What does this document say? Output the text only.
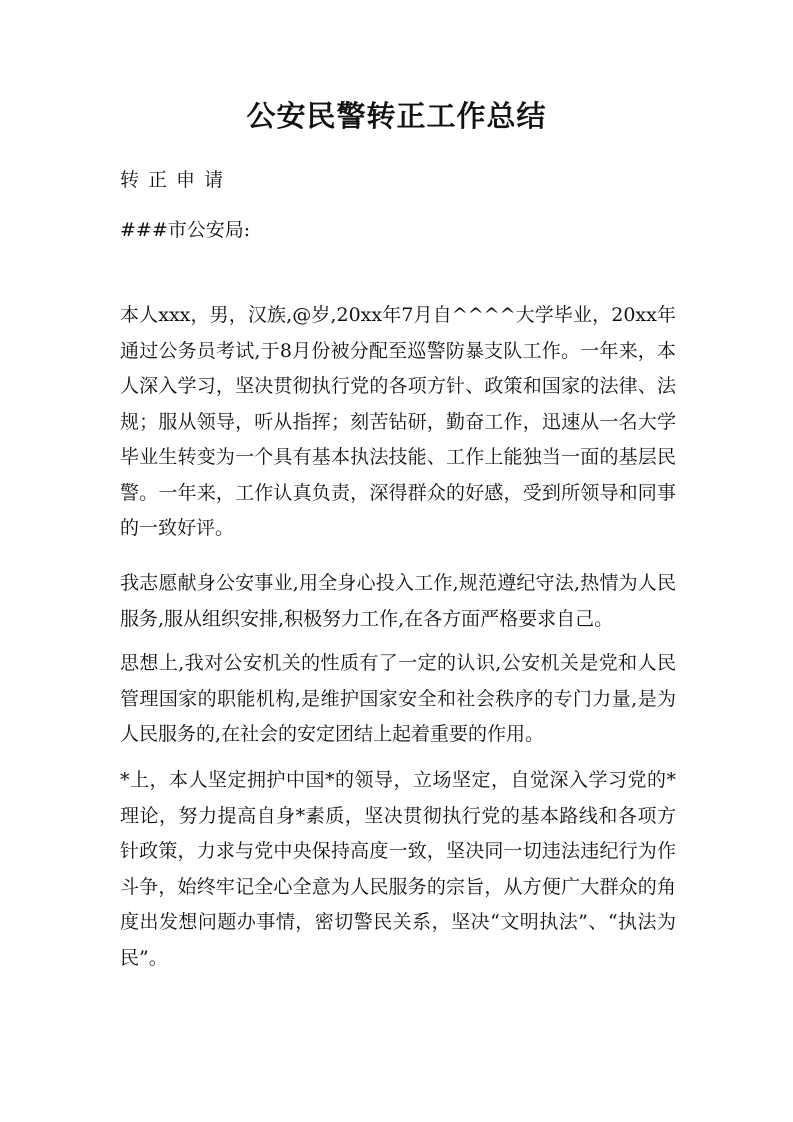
公安民警转正工作总结
转正申请
###市公安局:

本人xxx，男，汉族,@岁,20xx年7月自^^^^大学毕业，20xx年通过公务员考试,于8月份被分配至巡警防暴支队工作。一年来，本人深入学习，坚决贯彻执行党的各项方针、政策和国家的法律、法规；服从领导，听从指挥；刻苦钻研，勤奋工作，迅速从一名大学毕业生转变为一个具有基本执法技能、工作上能独当一面的基层民警。一年来，工作认真负责，深得群众的好感，受到所领导和同事的一致好评。

我志愿献身公安事业,用全身心投入工作,规范遵纪守法,热情为人民服务,服从组织安排,积极努力工作,在各方面严格要求自己。

思想上,我对公安机关的性质有了一定的认识,公安机关是党和人民管理国家的职能机构,是维护国家安全和社会秩序的专门力量,是为人民服务的,在社会的安定团结上起着重要的作用。

*上，本人坚定拥护中国*的领导，立场坚定，自觉深入学习党的*理论，努力提高自身*素质，坚决贯彻执行党的基本路线和各项方针政策，力求与党中央保持高度一致，坚决同一切违法违纪行为作斗争，始终牢记全心全意为人民服务的宗旨，从方便广大群众的角度出发想问题办事情，密切警民关系，坚决“文明执法”、“执法为民”。
